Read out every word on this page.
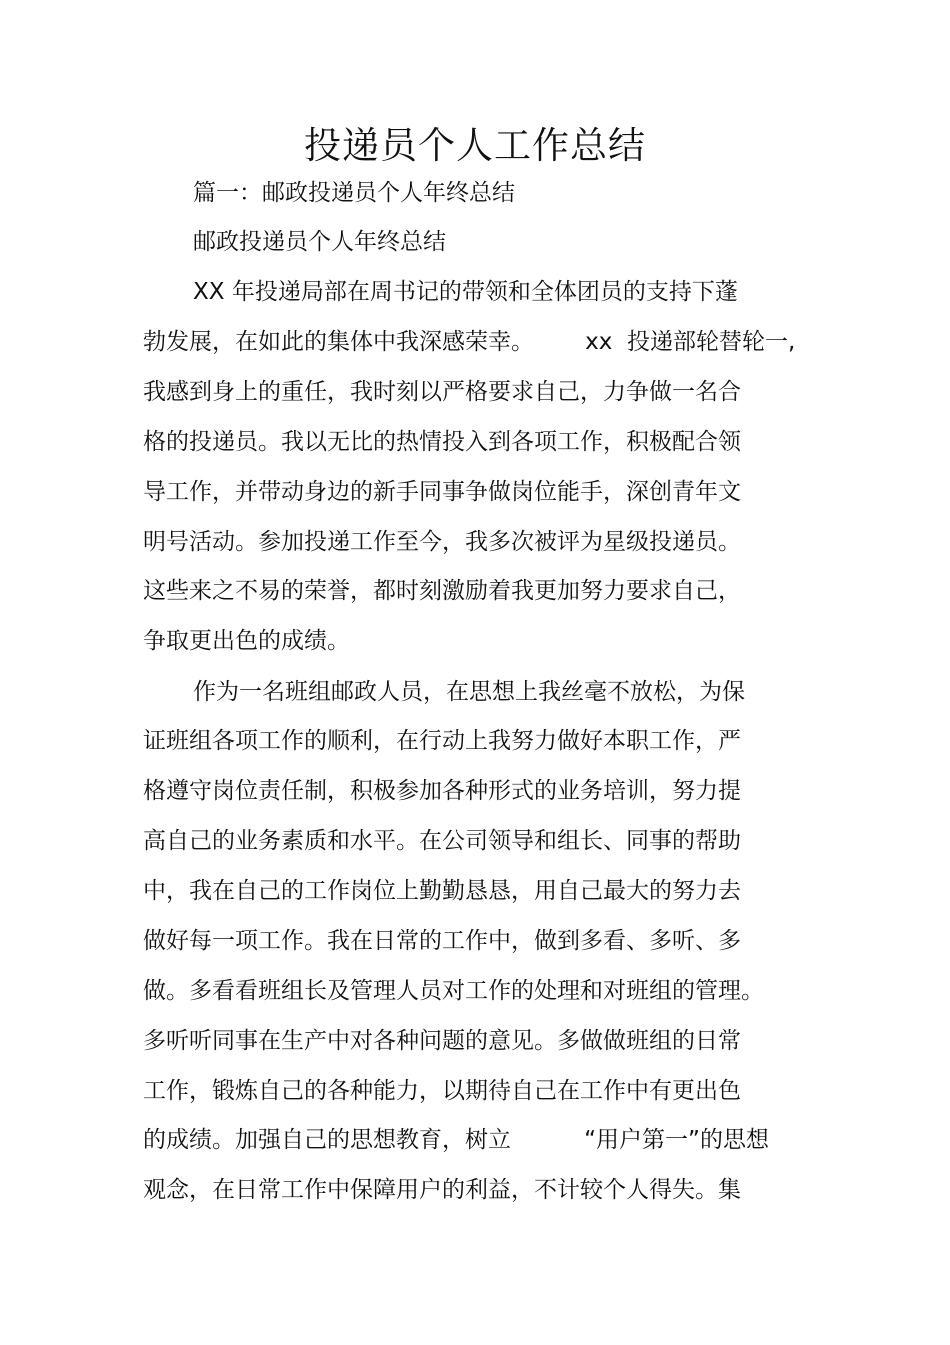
投递员个人工作总结

篇一：邮政投递员个人年终总结

邮政投递员个人年终总结

XX 年投递局部在周书记的带领和全体团员的支持下蓬

勃发展，在如此的集体中我深感荣幸。       xx  投递部轮替轮一,

我感到身上的重任，我时刻以严格要求自己，力争做一名合

格的投递员。我以无比的热情投入到各项工作，积极配合领

导工作，并带动身边的新手同事争做岗位能手，深创青年文

明号活动。参加投递工作至今，我多次被评为星级投递员。

这些来之不易的荣誉，都时刻激励着我更加努力要求自己，

争取更出色的成绩。

作为一名班组邮政人员，在思想上我丝毫不放松，为保

证班组各项工作的顺利，在行动上我努力做好本职工作，严

格遵守岗位责任制，积极参加各种形式的业务培训，努力提

高自己的业务素质和水平。在公司领导和组长、同事的帮助

中，我在自己的工作岗位上勤勤恳恳，用自己最大的努力去

做好每一项工作。我在日常的工作中，做到多看、多听、多

做。多看看班组长及管理人员对工作的处理和对班组的管理。

多听听同事在生产中对各种问题的意见。多做做班组的日常

工作，锻炼自己的各种能力，以期待自己在工作中有更出色

的成绩。加强自己的思想教育，树立          “用户第一”的思想

观念，在日常工作中保障用户的利益，不计较个人得失。集
